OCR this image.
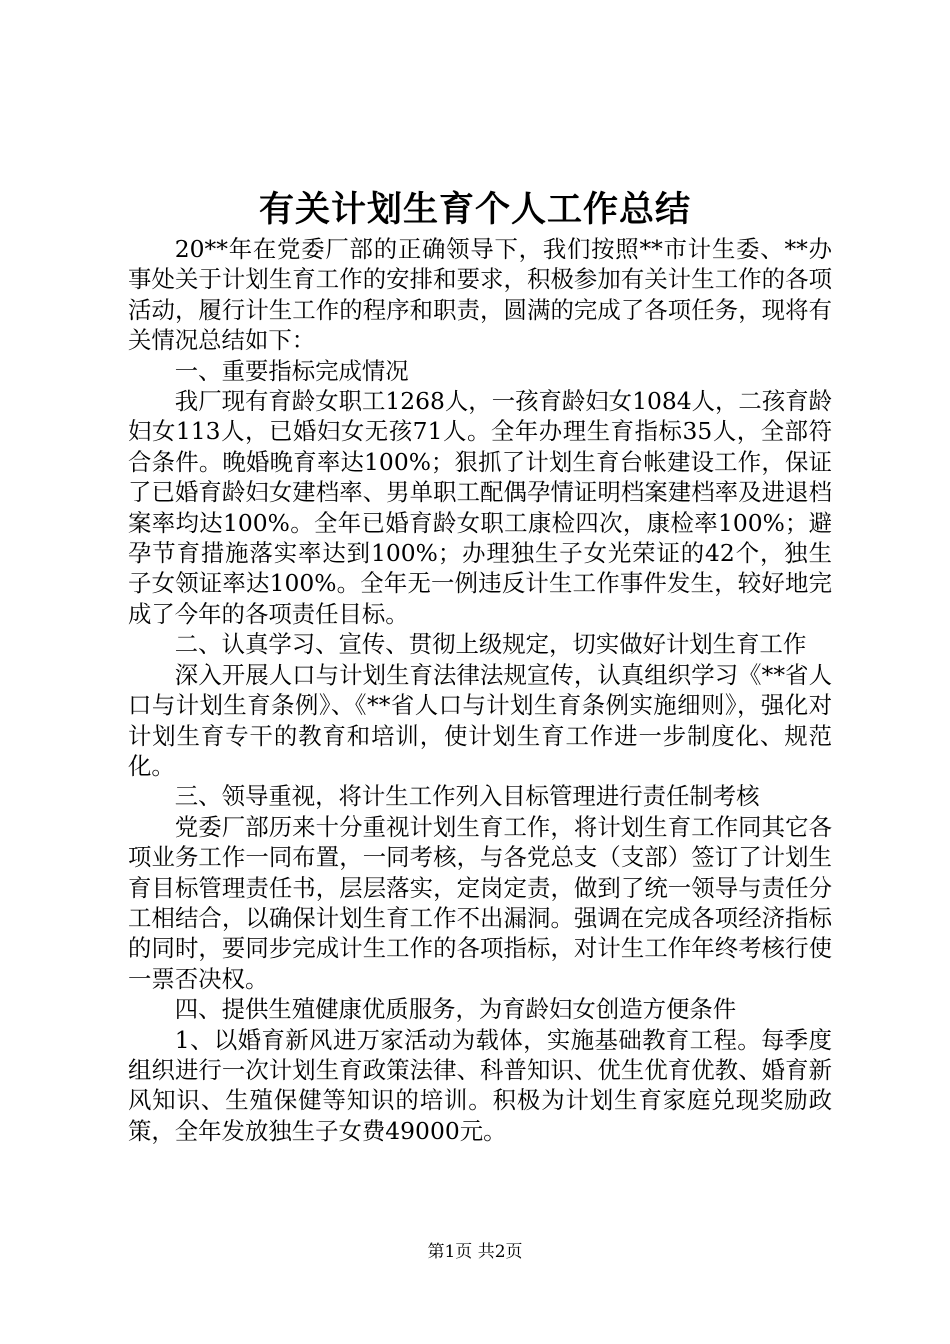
有关计划生育个人工作总结

20**年在党委厂部的正确领导下，我们按照**市计生委、**办事处关于计划生育工作的安排和要求，积极参加有关计生工作的各项活动，履行计生工作的程序和职责，圆满的完成了各项任务，现将有关情况总结如下：

一、重要指标完成情况

我厂现有育龄女职工1268人，一孩育龄妇女1084人，二孩育龄妇女113人，已婚妇女无孩71人。全年办理生育指标35人，全部符合条件。晚婚晚育率达100%；狠抓了计划生育台帐建设工作，保证了已婚育龄妇女建档率、男单职工配偶孕情证明档案建档率及进退档案率均达100%。全年已婚育龄女职工康检四次，康检率100%；避孕节育措施落实率达到100%；办理独生子女光荣证的42个，独生子女领证率达100%。全年无一例违反计生工作事件发生，较好地完成了今年的各项责任目标。

二、认真学习、宣传、贯彻上级规定，切实做好计划生育工作

深入开展人口与计划生育法律法规宣传，认真组织学习《**省人口与计划生育条例》、《**省人口与计划生育条例实施细则》，强化对计划生育专干的教育和培训，使计划生育工作进一步制度化、规范化。

三、领导重视，将计生工作列入目标管理进行责任制考核

党委厂部历来十分重视计划生育工作，将计划生育工作同其它各项业务工作一同布置，一同考核，与各党总支（支部）签订了计划生育目标管理责任书，层层落实，定岗定责，做到了统一领导与责任分工相结合，以确保计划生育工作不出漏洞。强调在完成各项经济指标的同时，要同步完成计生工作的各项指标，对计生工作年终考核行使一票否决权。

四、提供生殖健康优质服务，为育龄妇女创造方便条件

1、以婚育新风进万家活动为载体，实施基础教育工程。每季度组织进行一次计划生育政策法律、科普知识、优生优育优教、婚育新风知识、生殖保健等知识的培训。积极为计划生育家庭兑现奖励政策，全年发放独生子女费49000元。

第1页 共2页
